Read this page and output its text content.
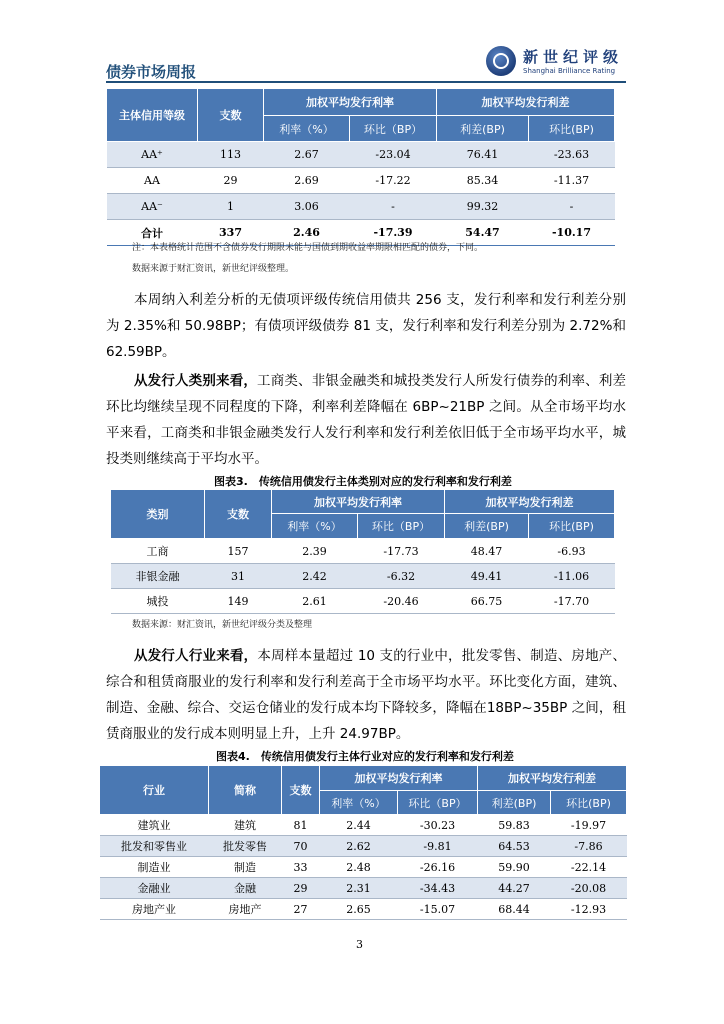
债券市场周报
新世纪评级
Shanghai Brilliance Rating
主体信用等级	支数	加权平均发行利率		加权平均发行利差	
		利率（%）	环比（BP）	利差(BP)	环比(BP)
AA⁺	113	2.67	-23.04	76.41	-23.63
AA	29	2.69	-17.22	85.34	-11.37
AA⁻	1	3.06	-	99.32	-
合计	337	2.46	-17.39	54.47	-10.17
注：本表格统计范围不含债券发行期限未能与国债到期收益率期限相匹配的债券，下同。
数据来源于财汇资讯，新世纪评级整理。
本周纳入利差分析的无债项评级传统信用债共 256 支，发行利率和发行利差分别为 2.35%和 50.98BP；有债项评级债券 81 支，发行利率和发行利差分别为 2.72%和 62.59BP。
从发行人类别来看，工商类、非银金融类和城投类发行人所发行债券的利率、利差环比均继续呈现不同程度的下降，利率利差降幅在 6BP~21BP 之间。从全市场平均水平来看，工商类和非银金融类发行人发行利率和发行利差依旧低于全市场平均水平，城投类则继续高于平均水平。
图表3.　传统信用债发行主体类别对应的发行利率和发行利差
类别	支数	加权平均发行利率		加权平均发行利差	
		利率（%）	环比（BP）	利差(BP)	环比(BP)
工商	157	2.39	-17.73	48.47	-6.93
非银金融	31	2.42	-6.32	49.41	-11.06
城投	149	2.61	-20.46	66.75	-17.70
数据来源：财汇资讯，新世纪评级分类及整理
从发行人行业来看，本周样本量超过 10 支的行业中，批发零售、制造、房地产、综合和租赁商服业的发行利率和发行利差高于全市场平均水平。环比变化方面，建筑、制造、金融、综合、交运仓储业的发行成本均下降较多，降幅在18BP~35BP 之间，租赁商服业的发行成本则明显上升，上升 24.97BP。
图表4.　传统信用债发行主体行业对应的发行利率和发行利差
行业	简称	支数	加权平均发行利率		加权平均发行利差	
			利率（%）	环比（BP）	利差(BP)	环比(BP)
建筑业	建筑	81	2.44	-30.23	59.83	-19.97
批发和零售业	批发零售	70	2.62	-9.81	64.53	-7.86
制造业	制造	33	2.48	-26.16	59.90	-22.14
金融业	金融	29	2.31	-34.43	44.27	-20.08
房地产业	房地产	27	2.65	-15.07	68.44	-12.93
3
